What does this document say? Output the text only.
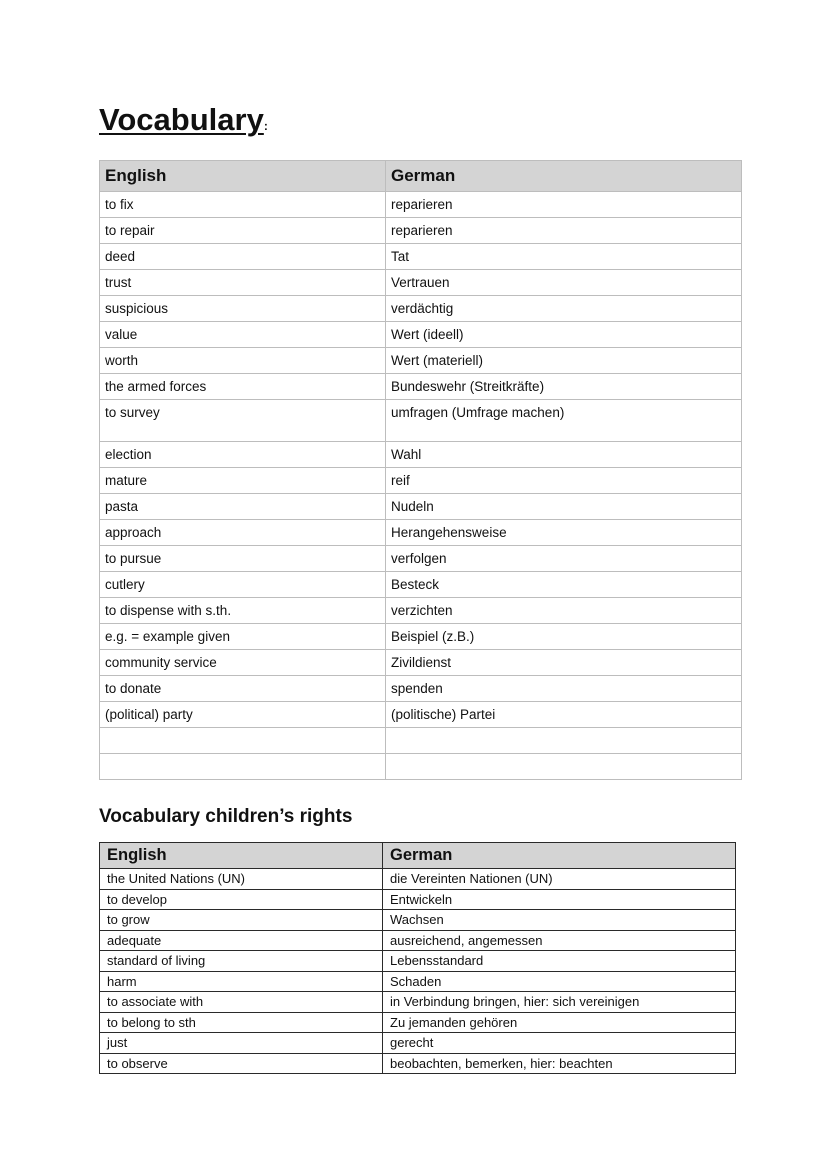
Vocabulary:
English	German
to fix	reparieren
to repair	reparieren
deed	Tat
trust	Vertrauen
suspicious	verdächtig
value	Wert (ideell)
worth	Wert (materiell)
the armed forces	Bundeswehr (Streitkräfte)
to survey	umfragen (Umfrage machen)
election	Wahl
mature	reif
pasta	Nudeln
approach	Herangehensweise
to pursue	verfolgen
cutlery	Besteck
to dispense with s.th.	verzichten
e.g. = example given	Beispiel (z.B.)
community service	Zivildienst
to donate	spenden
(political) party	(politische) Partei

Vocabulary children’s rights
English	German
the United Nations (UN)	die Vereinten Nationen (UN)
to develop	Entwickeln
to grow	Wachsen
adequate	ausreichend, angemessen
standard of living	Lebensstandard
harm	Schaden
to associate with	in Verbindung bringen, hier: sich vereinigen
to belong to sth	Zu jemanden gehören
just	gerecht
to observe	beobachten, bemerken, hier: beachten
